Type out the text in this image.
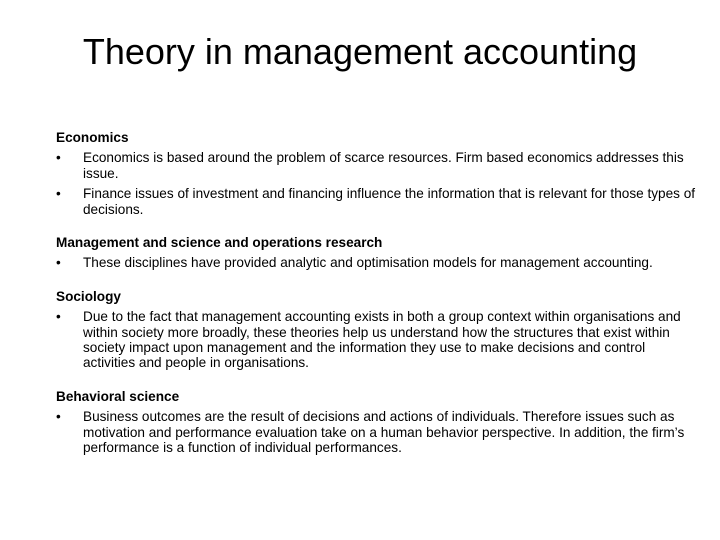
Theory in management accounting

Economics

• Economics is based around the problem of scarce resources. Firm based economics addresses this issue.
• Finance issues of investment and financing influence the information that is relevant for those types of decisions.

Management and science and operations research

• These disciplines have provided analytic and optimisation models for management accounting.

Sociology

• Due to the fact that management accounting exists in both a group context within organisations and within society more broadly, these theories help us understand how the structures that exist within society impact upon management and the information they use to make decisions and control activities and people in organisations.

Behavioral science

• Business outcomes are the result of decisions and actions of individuals. Therefore issues such as motivation and performance evaluation take on a human behavior perspective. In addition, the firm’s performance is a function of individual performances.
